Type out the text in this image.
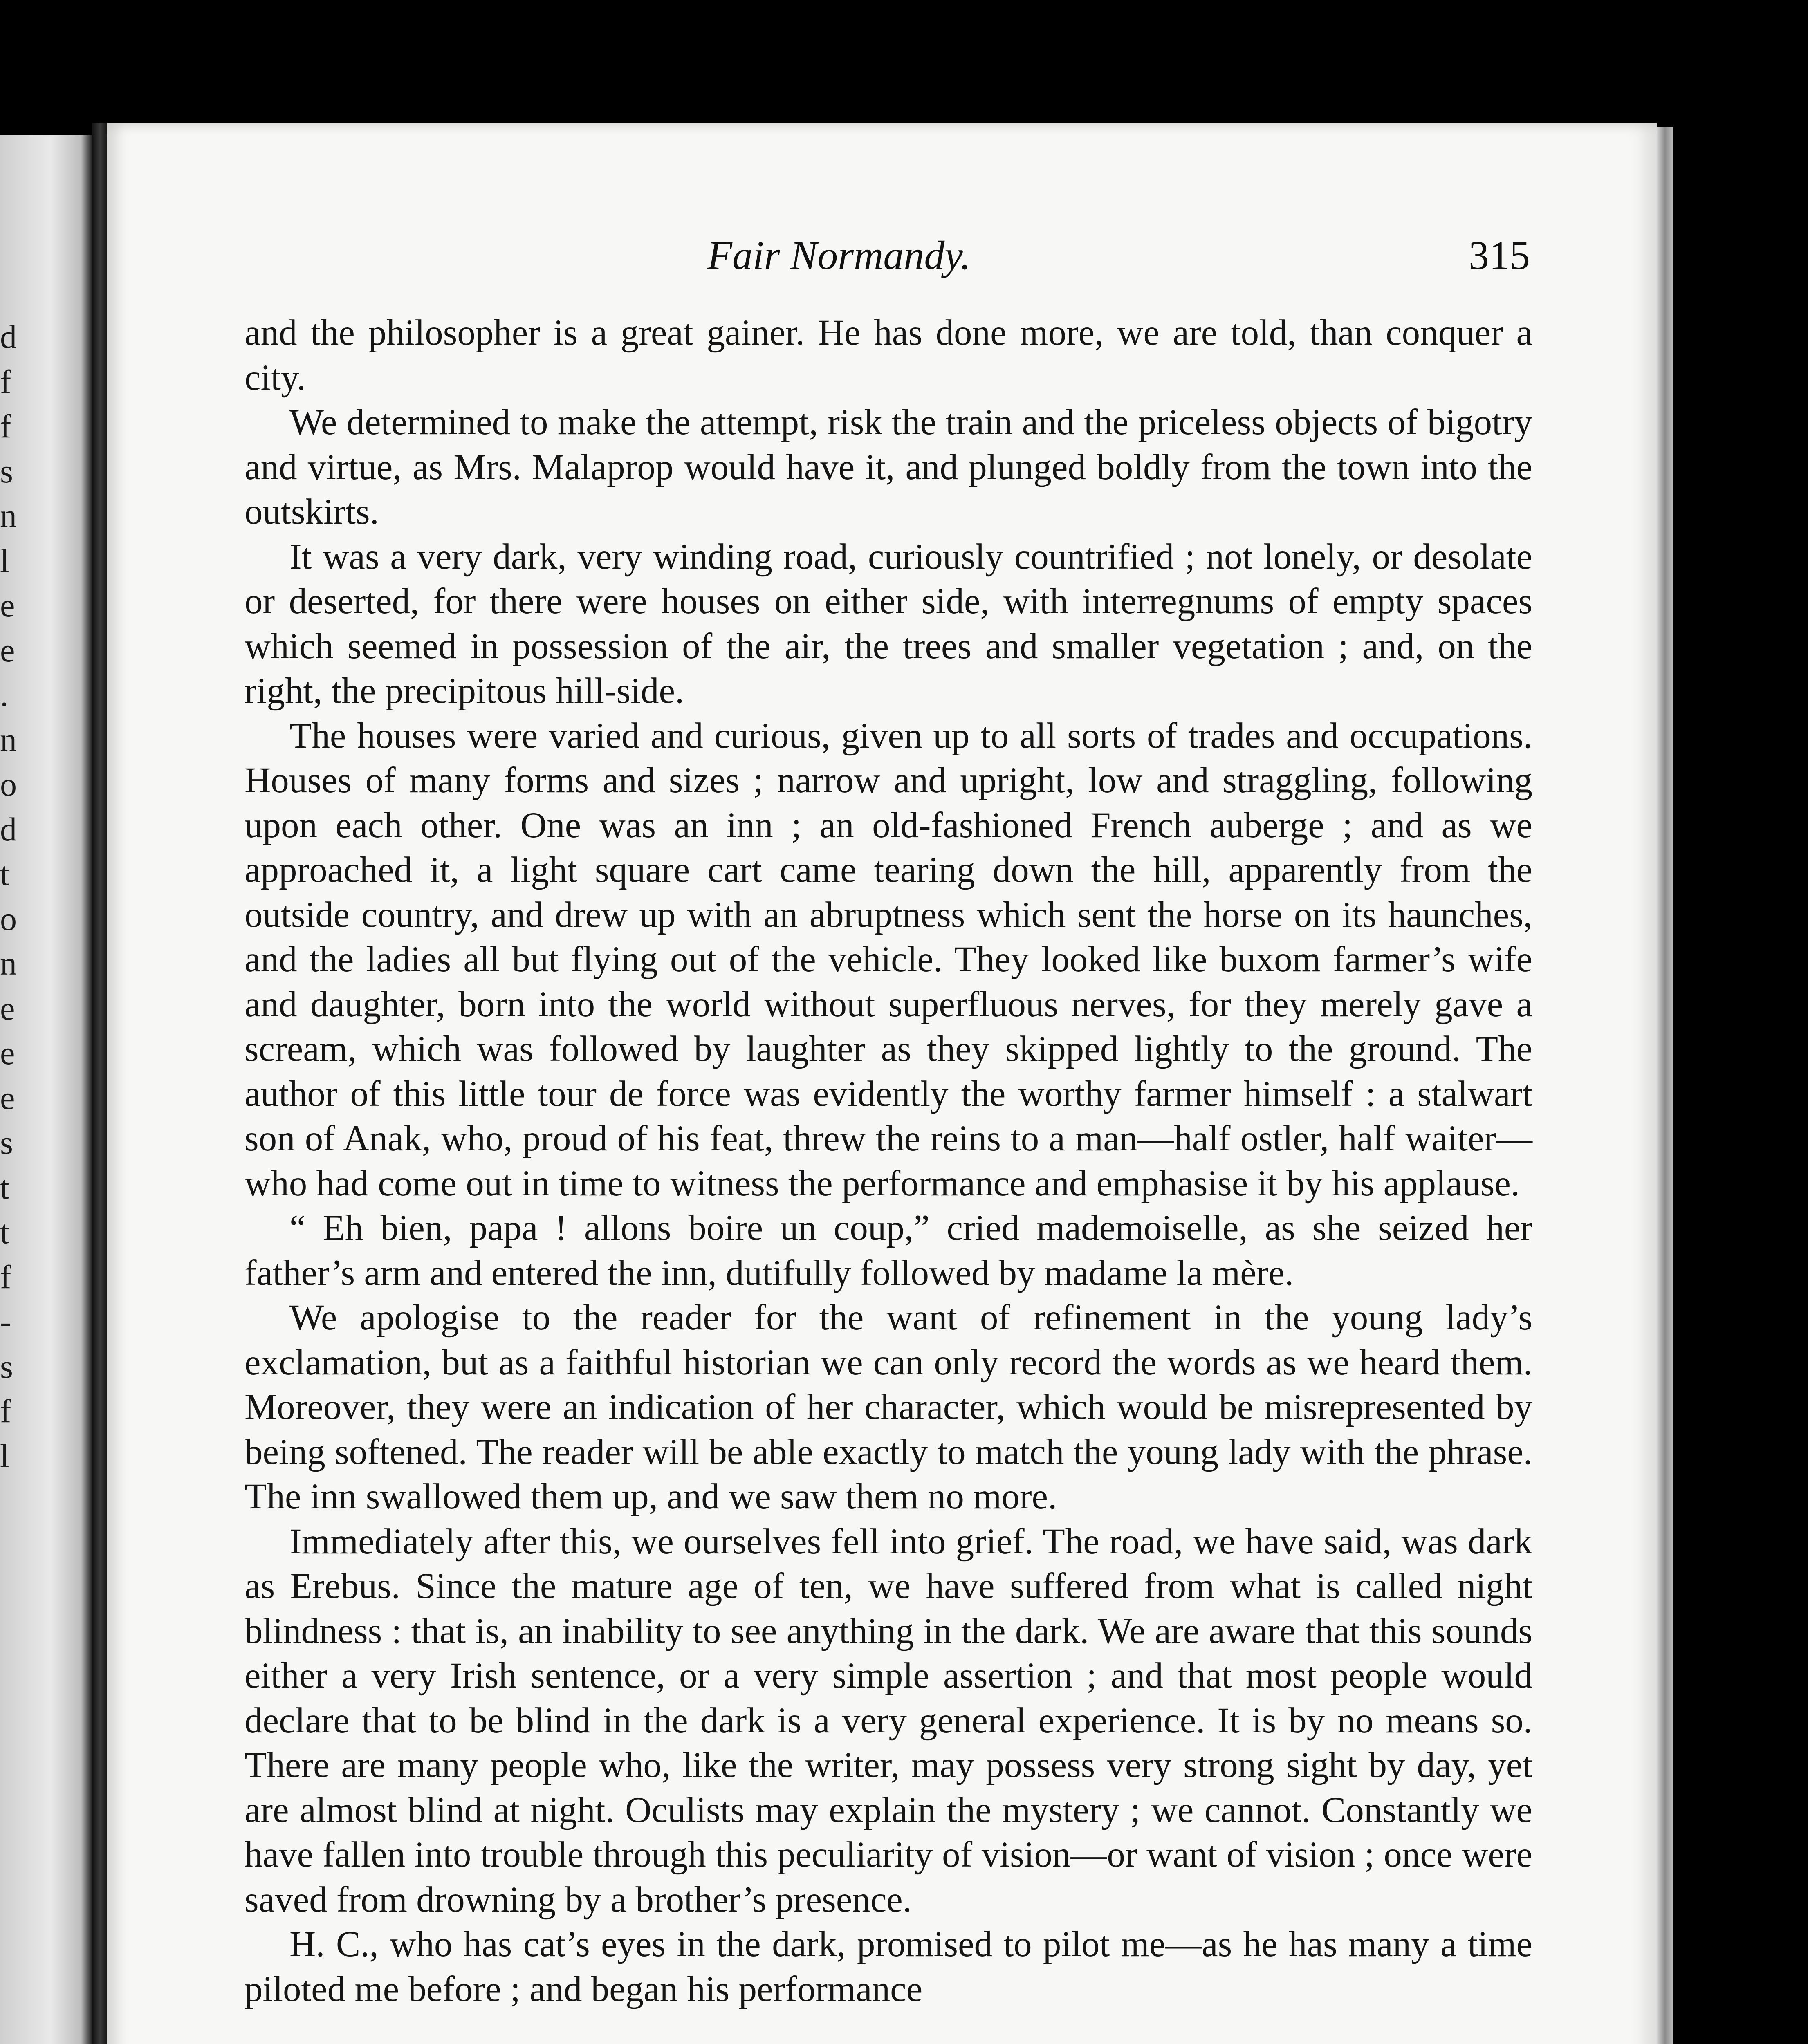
d
f
f
s
n
l
e
e
.
n
o
d
t
o
n
e
e
e
s
t
t
f
-
s
f
l
Fair Normandy.	315

and the philosopher is a great gainer. He has done more, we are told, than conquer a city.

We determined to make the attempt, risk the train and the priceless objects of bigotry and virtue, as Mrs. Malaprop would have it, and plunged boldly from the town into the outskirts.

It was a very dark, very winding road, curiously countrified ; not lonely, or desolate or deserted, for there were houses on either side, with interregnums of empty spaces which seemed in possession of the air, the trees and smaller vegetation ; and, on the right, the precipitous hill-side.

The houses were varied and curious, given up to all sorts of trades and occupations. Houses of many forms and sizes ; narrow and upright, low and straggling, following upon each other. One was an inn ; an old-fashioned French auberge ; and as we approached it, a light square cart came tearing down the hill, apparently from the outside country, and drew up with an abruptness which sent the horse on its haunches, and the ladies all but flying out of the vehicle. They looked like buxom farmer’s wife and daughter, born into the world without superfluous nerves, for they merely gave a scream, which was followed by laughter as they skipped lightly to the ground. The author of this little tour de force was evidently the worthy farmer himself : a stalwart son of Anak, who, proud of his feat, threw the reins to a man—half ostler, half waiter—who had come out in time to witness the performance and emphasise it by his applause.

“ Eh bien, papa ! allons boire un coup,” cried mademoiselle, as she seized her father’s arm and entered the inn, dutifully followed by madame la mère.

We apologise to the reader for the want of refinement in the young lady’s exclamation, but as a faithful historian we can only record the words as we heard them. Moreover, they were an indication of her character, which would be misrepresented by being softened. The reader will be able exactly to match the young lady with the phrase. The inn swallowed them up, and we saw them no more.

Immediately after this, we ourselves fell into grief. The road, we have said, was dark as Erebus. Since the mature age of ten, we have suffered from what is called night blindness : that is, an inability to see anything in the dark. We are aware that this sounds either a very Irish sentence, or a very simple assertion ; and that most people would declare that to be blind in the dark is a very general experience. It is by no means so. There are many people who, like the writer, may possess very strong sight by day, yet are almost blind at night. Oculists may explain the mystery ; we cannot. Constantly we have fallen into trouble through this peculiarity of vision—or want of vision ; once were saved from drowning by a brother’s presence.

H. C., who has cat’s eyes in the dark, promised to pilot me—as he has many a time piloted me before ; and began his performance
